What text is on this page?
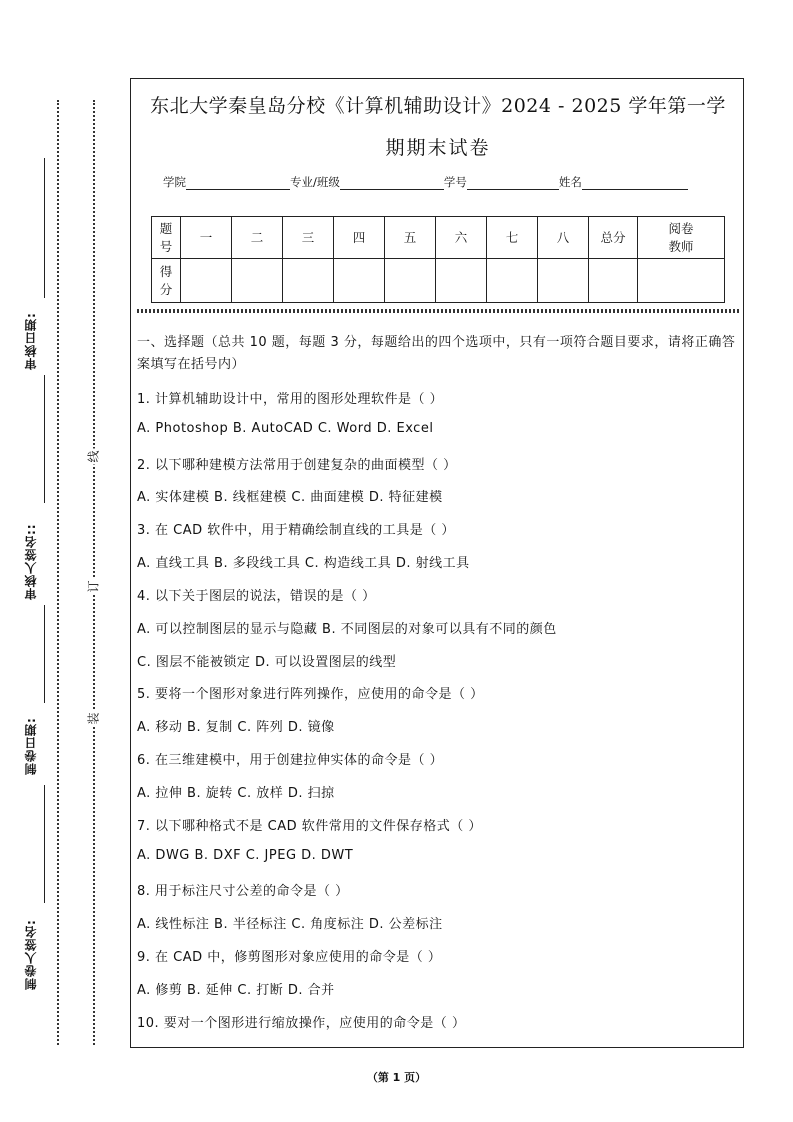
审核日期:
审核人签名::
制卷日期:
制卷人签名:
线
订
装
东北大学秦皇岛分校《计算机辅助设计》2024 - 2025 学年第一学
期期末试卷
学院	专业/班级	学号	姓名
题号	一	二	三	四	五	六	七	八	总分	阅卷教师
得分										
一、选择题（总共 10 题，每题 3 分，每题给出的四个选项中，只有一项符合题目要求，请将正确答案填写在括号内）
1. 计算机辅助设计中，常用的图形处理软件是（ ）
A. Photoshop B. AutoCAD C. Word D. Excel
2. 以下哪种建模方法常用于创建复杂的曲面模型（ ）
A. 实体建模 B. 线框建模 C. 曲面建模 D. 特征建模
3. 在 CAD 软件中，用于精确绘制直线的工具是（ ）
A. 直线工具 B. 多段线工具 C. 构造线工具 D. 射线工具
4. 以下关于图层的说法，错误的是（ ）
A. 可以控制图层的显示与隐藏 B. 不同图层的对象可以具有不同的颜色
C. 图层不能被锁定 D. 可以设置图层的线型
5. 要将一个图形对象进行阵列操作，应使用的命令是（ ）
A. 移动 B. 复制 C. 阵列 D. 镜像
6. 在三维建模中，用于创建拉伸实体的命令是（ ）
A. 拉伸 B. 旋转 C. 放样 D. 扫掠
7. 以下哪种格式不是 CAD 软件常用的文件保存格式（ ）
A. DWG B. DXF C. JPEG D. DWT
8. 用于标注尺寸公差的命令是（ ）
A. 线性标注 B. 半径标注 C. 角度标注 D. 公差标注
9. 在 CAD 中，修剪图形对象应使用的命令是（ ）
A. 修剪 B. 延伸 C. 打断 D. 合并
10. 要对一个图形进行缩放操作，应使用的命令是（ ）
（第 1 页）
